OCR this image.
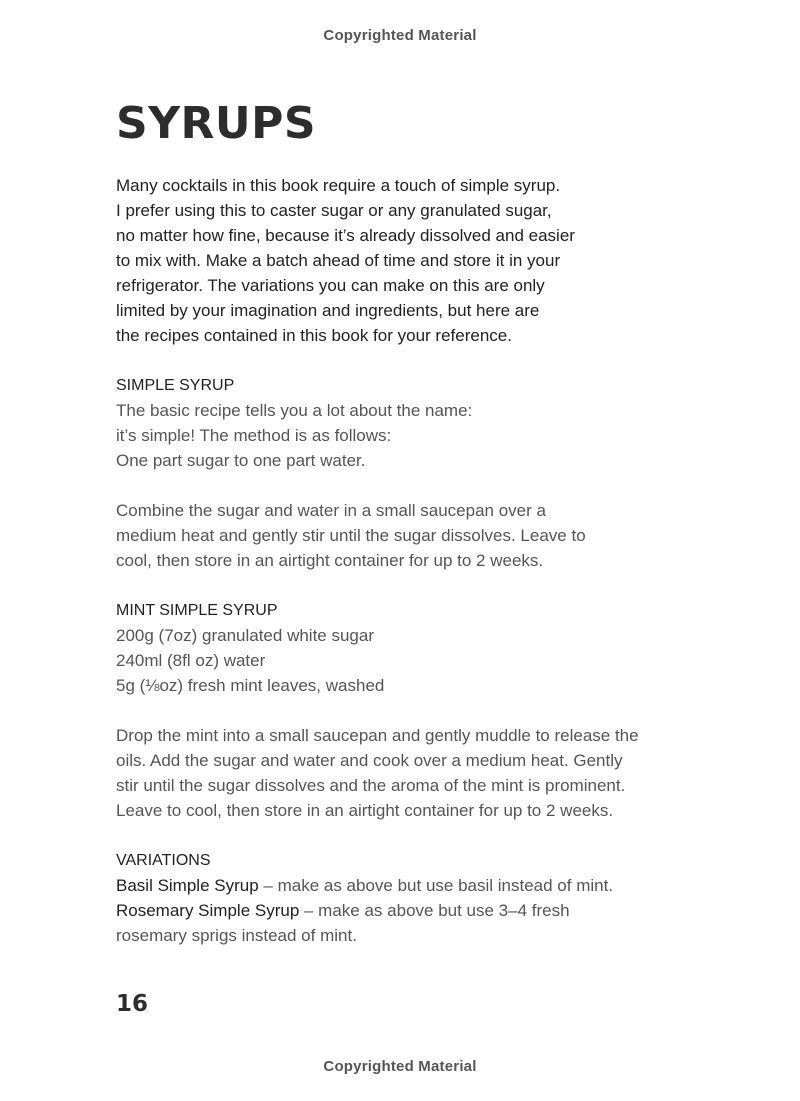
Copyrighted Material
SYRUPS
Many cocktails in this book require a touch of simple syrup.
I prefer using this to caster sugar or any granulated sugar,
no matter how fine, because it’s already dissolved and easier
to mix with. Make a batch ahead of time and store it in your
refrigerator. The variations you can make on this are only
limited by your imagination and ingredients, but here are
the recipes contained in this book for your reference.
SIMPLE SYRUP
The basic recipe tells you a lot about the name:
it’s simple! The method is as follows:
One part sugar to one part water.
Combine the sugar and water in a small saucepan over a
medium heat and gently stir until the sugar dissolves. Leave to
cool, then store in an airtight container for up to 2 weeks.
MINT SIMPLE SYRUP
200g (7oz) granulated white sugar
240ml (8fl oz) water
5g (⅛oz) fresh mint leaves, washed
Drop the mint into a small saucepan and gently muddle to release the
oils. Add the sugar and water and cook over a medium heat. Gently
stir until the sugar dissolves and the aroma of the mint is prominent.
Leave to cool, then store in an airtight container for up to 2 weeks.
VARIATIONS
Basil Simple Syrup – make as above but use basil instead of mint.
Rosemary Simple Syrup – make as above but use 3–4 fresh
rosemary sprigs instead of mint.
16
Copyrighted Material
